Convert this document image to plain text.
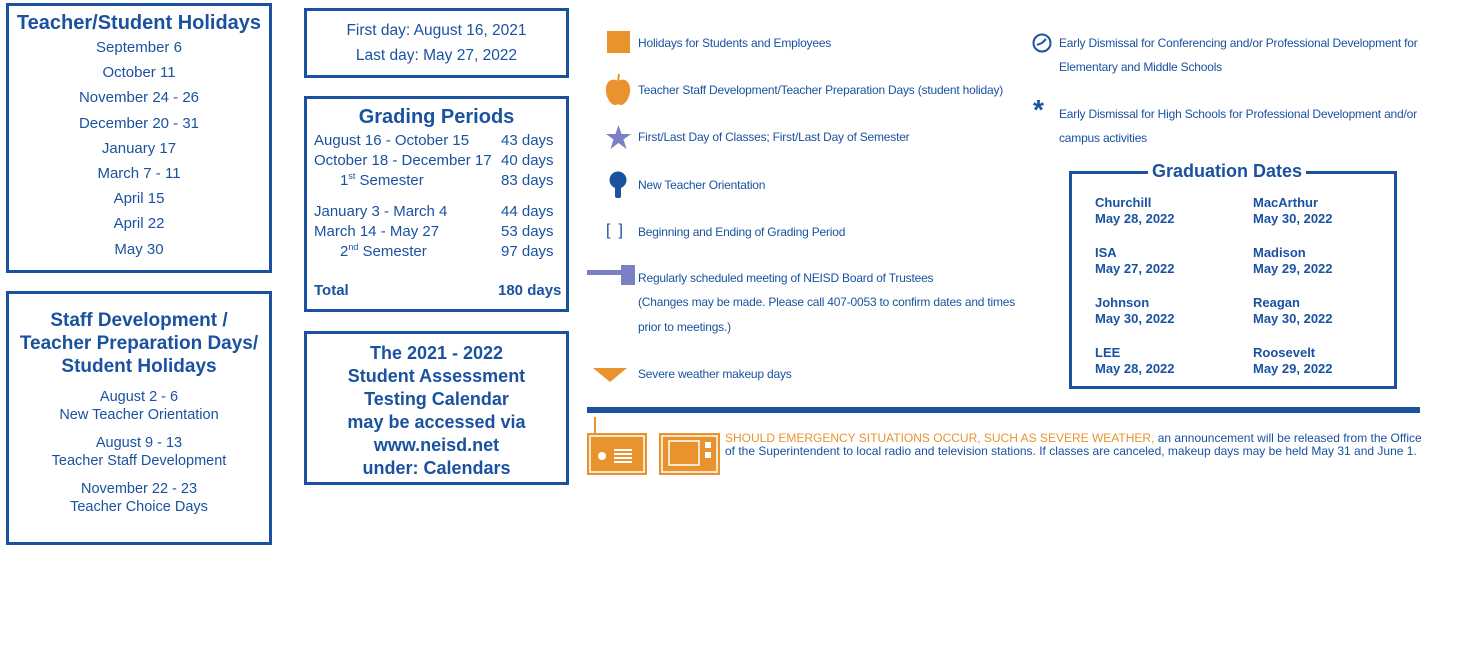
Teacher/Student Holidays
September 6
October 11
November 24 - 26
December 20 - 31
January 17
March 7 - 11
April 15
April 22
May 30
Staff Development /
Teacher Preparation Days/
Student Holidays
August 2 - 6
New Teacher Orientation
August 9 - 13
Teacher Staff Development
November 22 - 23
Teacher Choice Days
First day: August 16, 2021
Last day: May 27, 2022
Grading Periods
August 16 - October 15 43 days
October 18 - December 17 40 days
1st Semester	83 days
January 3 - March 4	44 days
March 14 - May 27	53 days
2nd Semester	97 days
Total	180 days
The 2021 - 2022
Student Assessment
Testing Calendar
may be accessed via
www.neisd.net
under: Calendars
Holidays for Students and Employees
Teacher Staff Development/Teacher Preparation Days (student holiday)
First/Last Day of Classes; First/Last Day of Semester
New Teacher Orientation
[ ] Beginning and Ending of Grading Period
Regularly scheduled meeting of NEISD Board of Trustees
(Changes may be made. Please call 407-0053 to confirm dates and times
prior to meetings.)
Severe weather makeup days
Early Dismissal for Conferencing and/or Professional Development for
Elementary and Middle Schools
* Early Dismissal for High Schools for Professional Development and/or
campus activities
Graduation Dates
Churchill
May 28, 2022
MacArthur
May 30, 2022
ISA
May 27, 2022
Madison
May 29, 2022
Johnson
May 30, 2022
Reagan
May 30, 2022
LEE
May 28, 2022
Roosevelt
May 29, 2022
SHOULD EMERGENCY SITUATIONS OCCUR, SUCH AS SEVERE WEATHER, an announcement will be released from the Office of the Superintendent to local radio and television stations. If classes are canceled, makeup days may be held May 31 and June 1.
